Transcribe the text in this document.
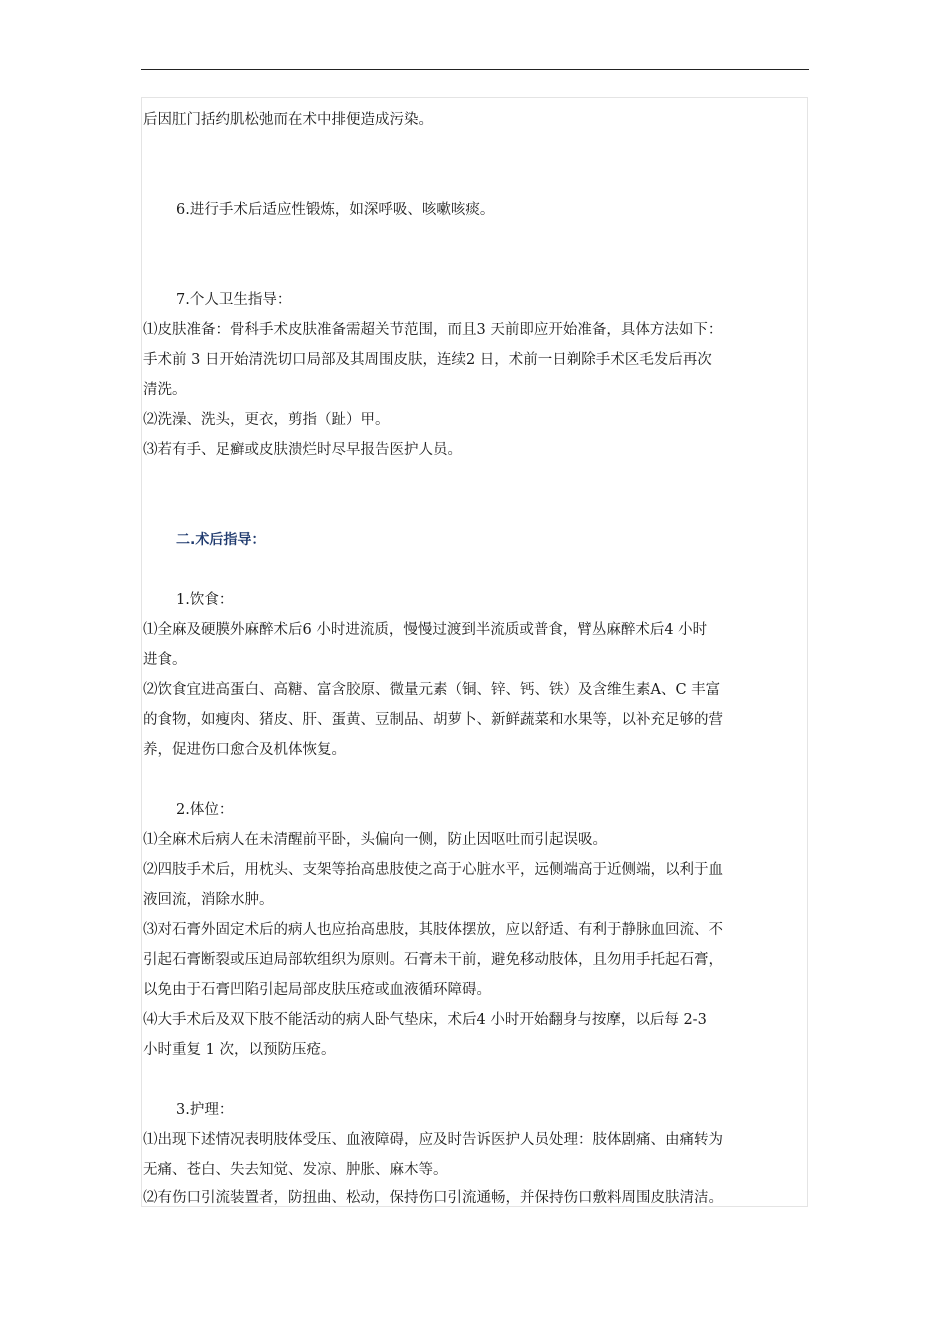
后因肛门括约肌松弛而在术中排便造成污染。
6.进行手术后适应性锻炼，如深呼吸、咳嗽咳痰。
7.个人卫生指导：
⑴皮肤准备：骨科手术皮肤准备需超关节范围，而且3 天前即应开始准备，具体方法如下：
手术前 3 日开始清洗切口局部及其周围皮肤，连续2 日，术前一日剃除手术区毛发后再次
清洗。
⑵洗澡、洗头，更衣，剪指（趾）甲。
⑶若有手、足癣或皮肤溃烂时尽早报告医护人员。
二.术后指导：
1.饮食：
⑴全麻及硬膜外麻醉术后6 小时进流质，慢慢过渡到半流质或普食，臂丛麻醉术后4 小时
进食。
⑵饮食宜进高蛋白、高糖、富含胶原、微量元素（铜、锌、钙、铁）及含维生素A、C 丰富
的食物，如瘦肉、猪皮、肝、蛋黄、豆制品、胡萝卜、新鲜蔬菜和水果等，以补充足够的营
养，促进伤口愈合及机体恢复。
2.体位：
⑴全麻术后病人在未清醒前平卧，头偏向一侧，防止因呕吐而引起误吸。
⑵四肢手术后，用枕头、支架等抬高患肢使之高于心脏水平，远侧端高于近侧端，以利于血
液回流，消除水肿。
⑶对石膏外固定术后的病人也应抬高患肢，其肢体摆放，应以舒适、有利于静脉血回流、不
引起石膏断裂或压迫局部软组织为原则。石膏未干前，避免移动肢体，且勿用手托起石膏，
以免由于石膏凹陷引起局部皮肤压疮或血液循环障碍。
⑷大手术后及双下肢不能活动的病人卧气垫床，术后4 小时开始翻身与按摩，以后每 2-3
小时重复 1 次，以预防压疮。
3.护理：
⑴出现下述情况表明肢体受压、血液障碍，应及时告诉医护人员处理：肢体剧痛、由痛转为
无痛、苍白、失去知觉、发凉、肿胀、麻木等。
⑵有伤口引流装置者，防扭曲、松动，保持伤口引流通畅，并保持伤口敷料周围皮肤清洁。
